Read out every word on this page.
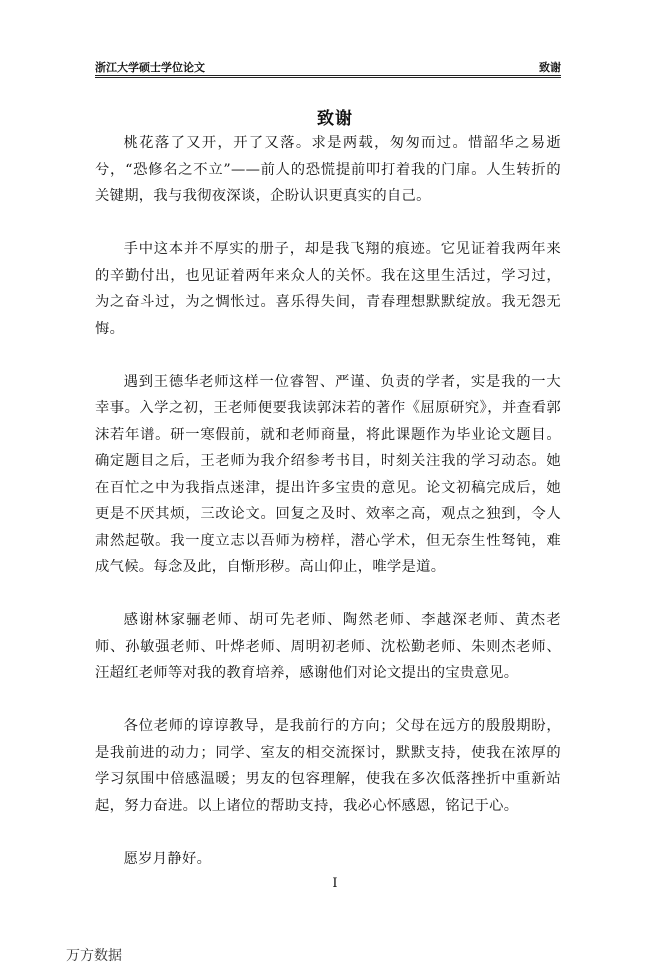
浙江大学硕士学位论文	致谢
致谢

桃花落了又开，开了又落。求是两载，匆匆而过。惜韶华之易逝兮，“恐修名之不立”——前人的恐慌提前叩打着我的门扉。人生转折的关键期，我与我彻夜深谈，企盼认识更真实的自己。

手中这本并不厚实的册子，却是我飞翔的痕迹。它见证着我两年来的辛勤付出，也见证着两年来众人的关怀。我在这里生活过，学习过，为之奋斗过，为之惆怅过。喜乐得失间，青春理想默默绽放。我无怨无悔。

遇到王德华老师这样一位睿智、严谨、负责的学者，实是我的一大幸事。入学之初，王老师便要我读郭沫若的著作《屈原研究》，并查看郭沫若年谱。研一寒假前，就和老师商量，将此课题作为毕业论文题目。确定题目之后，王老师为我介绍参考书目，时刻关注我的学习动态。她在百忙之中为我指点迷津，提出许多宝贵的意见。论文初稿完成后，她更是不厌其烦，三改论文。回复之及时、效率之高，观点之独到，令人肃然起敬。我一度立志以吾师为榜样，潜心学术，但无奈生性驽钝，难成气候。每念及此，自惭形秽。高山仰止，唯学是道。

感谢林家骊老师、胡可先老师、陶然老师、李越深老师、黄杰老师、孙敏强老师、叶烨老师、周明初老师、沈松勤老师、朱则杰老师、汪超红老师等对我的教育培养，感谢他们对论文提出的宝贵意见。

各位老师的谆谆教导，是我前行的方向；父母在远方的殷殷期盼，是我前进的动力；同学、室友的相交流探讨，默默支持，使我在浓厚的学习氛围中倍感温暖；男友的包容理解，使我在多次低落挫折中重新站起，努力奋进。以上诸位的帮助支持，我必心怀感恩，铭记于心。

愿岁月静好。

I
万方数据
